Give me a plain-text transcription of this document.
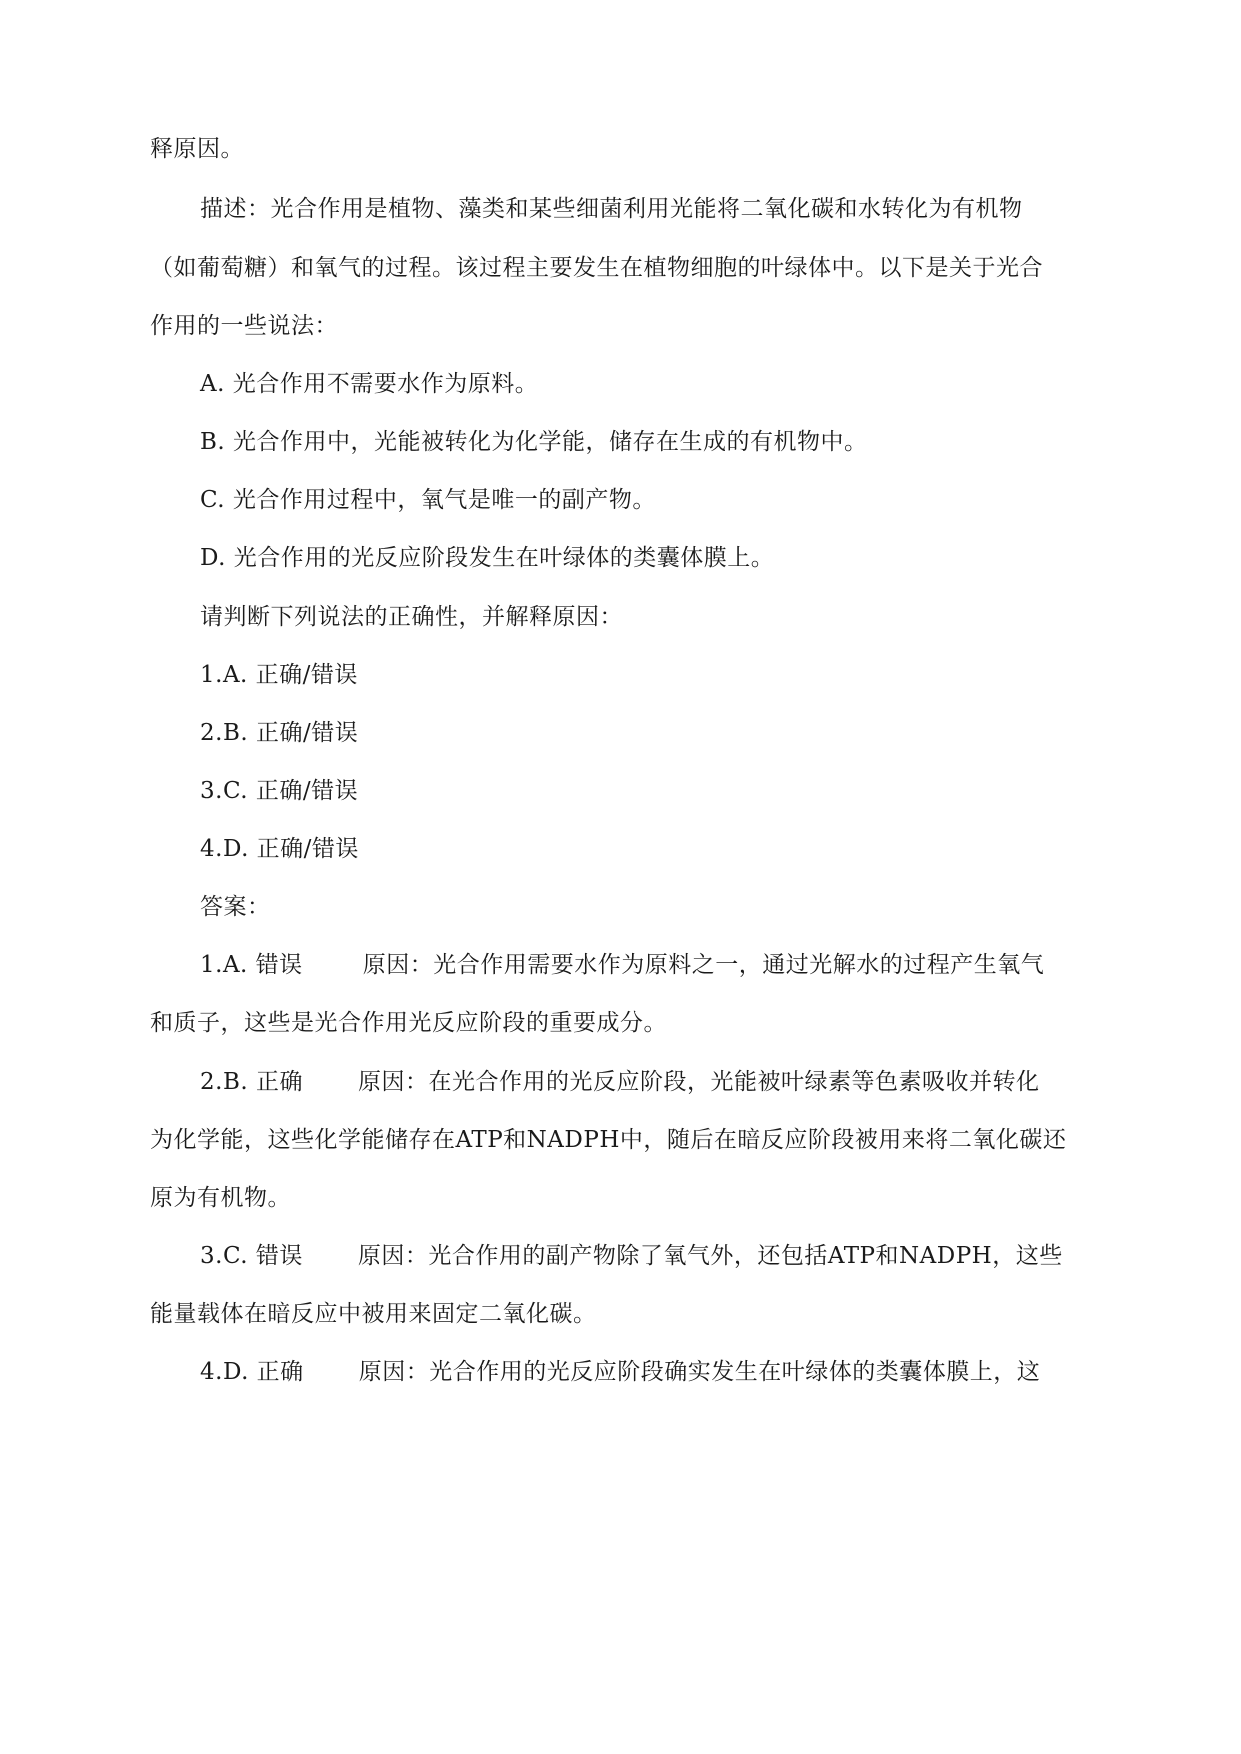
释原因。
描述：光合作用是植物、藻类和某些细菌利用光能将二氧化碳和水转化为有机物
（如葡萄糖）和氧气的过程。该过程主要发生在植物细胞的叶绿体中。以下是关于光合
作用的一些说法：
A. 光合作用不需要水作为原料。
B. 光合作用中，光能被转化为化学能，储存在生成的有机物中。
C. 光合作用过程中，氧气是唯一的副产物。
D. 光合作用的光反应阶段发生在叶绿体的类囊体膜上。
请判断下列说法的正确性，并解释原因：
1.A. 正确/错误
2.B. 正确/错误
3.C. 正确/错误
4.D. 正确/错误
答案：
1.A. 错误	原因：光合作用需要水作为原料之一，通过光解水的过程产生氧气
和质子，这些是光合作用光反应阶段的重要成分。
2.B. 正确 原因：在光合作用的光反应阶段，光能被叶绿素等色素吸收并转化
为化学能，这些化学能储存在ATP和NADPH中，随后在暗反应阶段被用来将二氧化碳还
原为有机物。
3.C. 错误 原因：光合作用的副产物除了氧气外，还包括ATP和NADPH，这些
能量载体在暗反应中被用来固定二氧化碳。
4.D. 正确 原因：光合作用的光反应阶段确实发生在叶绿体的类囊体膜上，这
